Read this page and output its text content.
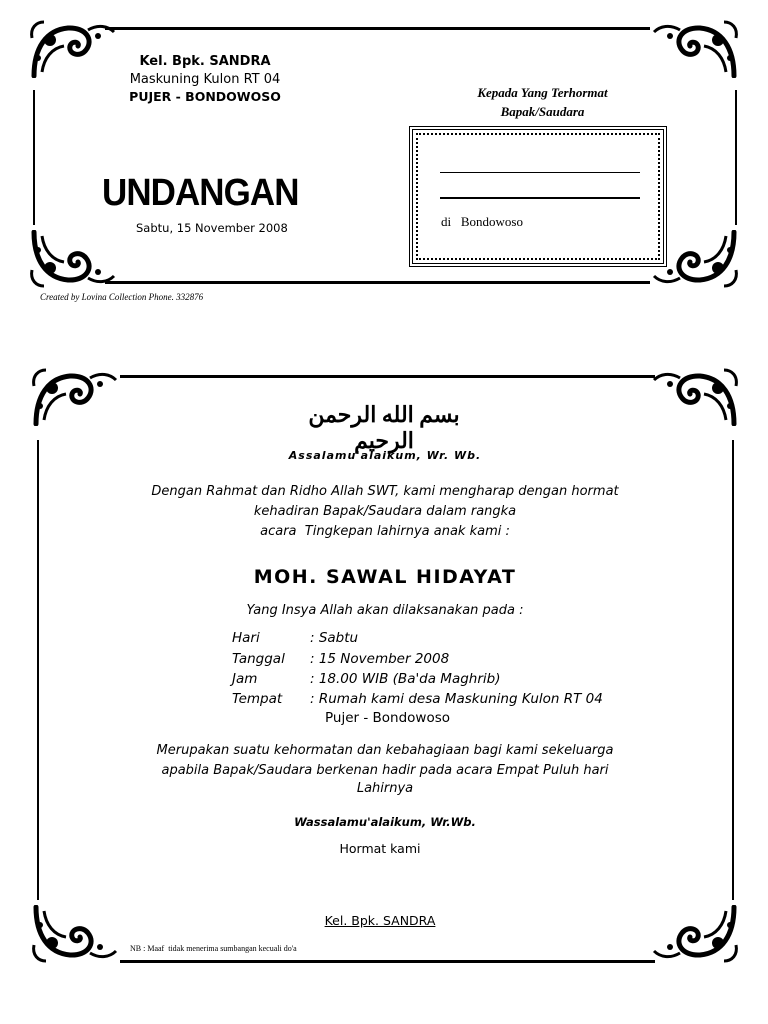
Kel. Bpk. SANDRA
Maskuning Kulon RT 04
PUJER - BONDOWOSO
UNDANGAN
Sabtu, 15 November 2008
Kepada Yang Terhormat
Bapak/Saudara
di   Bondowoso
Created by Lovina Collection Phone. 332876
بسم الله الرحمن الرحيم
Assalamu'alaikum, Wr. Wb.
Dengan Rahmat dan Ridho Allah SWT, kami mengharap dengan hormat
kehadiran Bapak/Saudara dalam rangka
acara  Tingkepan lahirnya anak kami :
MOH. SAWAL HIDAYAT
Yang Insya Allah akan dilaksanakan pada :
Hari	: Sabtu
Tanggal : 15 November 2008
Jam	: 18.00 WIB (Ba'da Maghrib)
Tempat : Rumah kami desa Maskuning Kulon RT 04
Pujer - Bondowoso
Merupakan suatu kehormatan dan kebahagiaan bagi kami sekeluarga
apabila Bapak/Saudara berkenan hadir pada acara Empat Puluh hari
Lahirnya
Wassalamu'alaikum, Wr.Wb.
Hormat kami
Kel. Bpk. SANDRA
NB : Maaf  tidak menerima sumbangan kecuali do'a
